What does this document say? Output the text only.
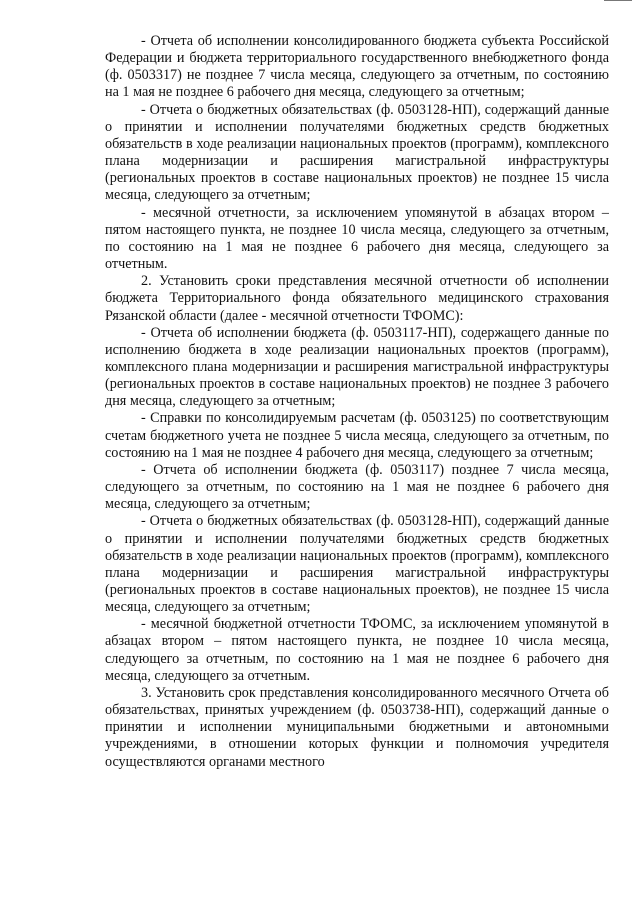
- Отчета об исполнении консолидированного бюджета субъекта Российской Федерации и бюджета территориального государственного внебюджетного фонда (ф. 0503317) не позднее 7 числа месяца, следующего за отчетным, по состоянию на 1 мая не позднее 6 рабочего дня месяца, следующего за отчетным;

- Отчета о бюджетных обязательствах (ф. 0503128-НП), содержащий данные о принятии и исполнении получателями бюджетных средств бюджетных обязательств в ходе реализации национальных проектов (программ), комплексного плана модернизации и расширения магистральной инфраструктуры (региональных проектов в составе национальных проектов) не позднее 15 числа месяца, следующего за отчетным;

- месячной отчетности, за исключением упомянутой в абзацах втором – пятом настоящего пункта, не позднее 10 числа месяца, следующего за отчетным, по состоянию на 1 мая не позднее 6 рабочего дня месяца, следующего за отчетным.

2. Установить сроки представления месячной отчетности об исполнении бюджета Территориального фонда обязательного медицинского страхования Рязанской области (далее - месячной отчетности ТФОМС):

- Отчета об исполнении бюджета (ф. 0503117-НП), содержащего данные по исполнению бюджета в ходе реализации национальных проектов (программ), комплексного плана модернизации и расширения магистральной инфраструктуры (региональных проектов в составе национальных проектов) не позднее 3 рабочего дня месяца, следующего за отчетным;

- Справки по консолидируемым расчетам (ф. 0503125) по соответствующим счетам бюджетного учета не позднее 5 числа месяца, следующего за отчетным, по состоянию на 1 мая не позднее 4 рабочего дня месяца, следующего за отчетным;

- Отчета об исполнении бюджета (ф. 0503117) позднее 7 числа месяца, следующего за отчетным, по состоянию на 1 мая не позднее 6 рабочего дня месяца, следующего за отчетным;

- Отчета о бюджетных обязательствах (ф. 0503128-НП), содержащий данные о принятии и исполнении получателями бюджетных средств бюджетных обязательств в ходе реализации национальных проектов (программ), комплексного плана модернизации и расширения магистральной инфраструктуры (региональных проектов в составе национальных проектов), не позднее 15 числа месяца, следующего за отчетным;

- месячной бюджетной отчетности ТФОМС, за исключением упомянутой в абзацах втором – пятом настоящего пункта, не позднее 10 числа месяца, следующего за отчетным, по состоянию на 1 мая не позднее 6 рабочего дня месяца, следующего за отчетным.

3. Установить срок представления консолидированного месячного Отчета об обязательствах, принятых учреждением (ф. 0503738-НП), содержащий данные о принятии и исполнении муниципальными бюджетными и автономными учреждениями, в отношении которых функции и полномочия учредителя осуществляются органами местного
